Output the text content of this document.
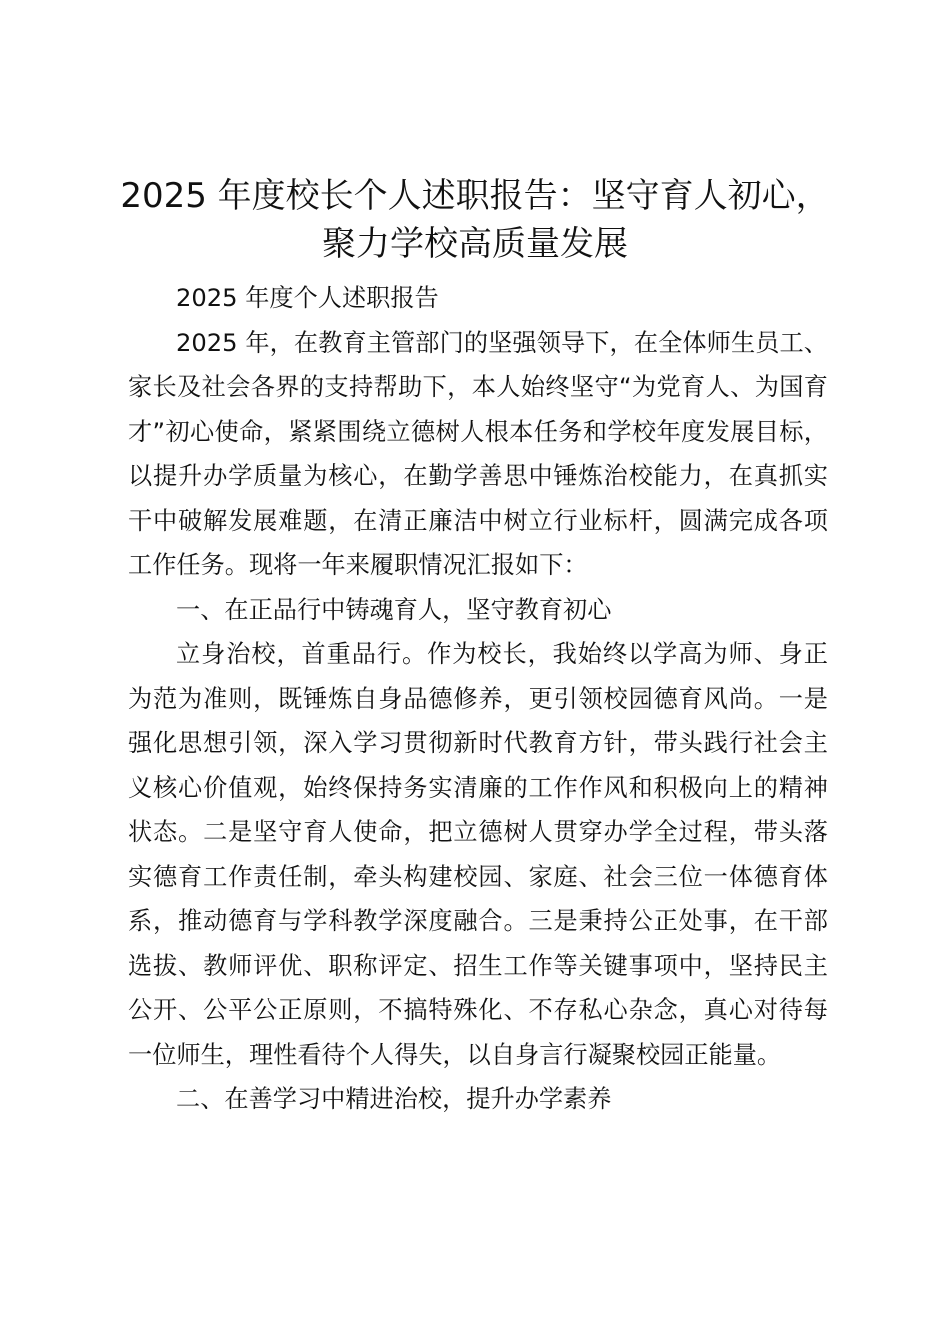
2025 年度校长个人述职报告：坚守育人初心，
聚力学校高质量发展

2025 年度个人述职报告

2025 年，在教育主管部门的坚强领导下，在全体师生员工、家长及社会各界的支持帮助下，本人始终坚守“为党育人、为国育才”初心使命，紧紧围绕立德树人根本任务和学校年度发展目标，以提升办学质量为核心，在勤学善思中锤炼治校能力，在真抓实干中破解发展难题，在清正廉洁中树立行业标杆，圆满完成各项工作任务。现将一年来履职情况汇报如下：

一、在正品行中铸魂育人，坚守教育初心

立身治校，首重品行。作为校长，我始终以学高为师、身正为范为准则，既锤炼自身品德修养，更引领校园德育风尚。一是强化思想引领，深入学习贯彻新时代教育方针，带头践行社会主义核心价值观，始终保持务实清廉的工作作风和积极向上的精神状态。二是坚守育人使命，把立德树人贯穿办学全过程，带头落实德育工作责任制，牵头构建校园、家庭、社会三位一体德育体系，推动德育与学科教学深度融合。三是秉持公正处事，在干部选拔、教师评优、职称评定、招生工作等关键事项中，坚持民主公开、公平公正原则，不搞特殊化、不存私心杂念，真心对待每一位师生，理性看待个人得失，以自身言行凝聚校园正能量。

二、在善学习中精进治校，提升办学素养
